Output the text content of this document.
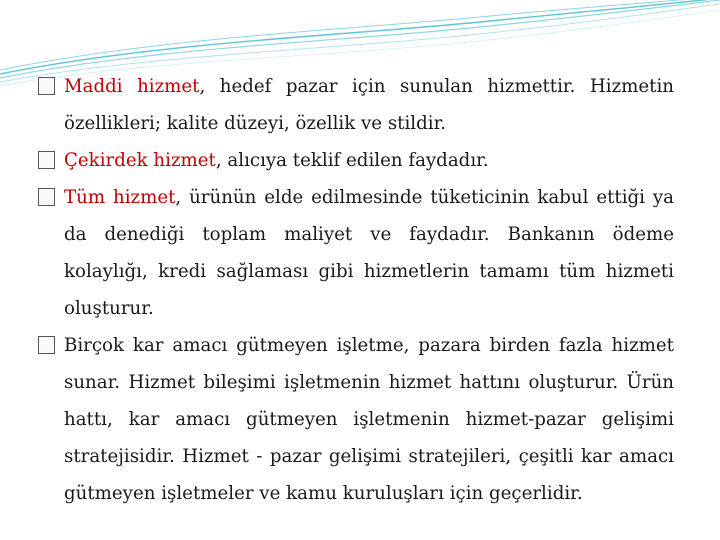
Maddi hizmet, hedef pazar için sunulan hizmettir. Hizmetin özellikleri; kalite düzeyi, özellik ve stildir.

Çekirdek hizmet, alıcıya teklif edilen faydadır.

Tüm hizmet, ürünün elde edilmesinde tüketicinin kabul ettiği ya da denediği toplam maliyet ve faydadır. Bankanın ödeme kolaylığı, kredi sağlaması gibi hizmetlerin tamamı tüm hizmeti oluşturur.

Birçok kar amacı gütmeyen işletme, pazara birden fazla hizmet sunar. Hizmet bileşimi işletmenin hizmet hattını oluşturur. Ürün hattı, kar amacı gütmeyen işletmenin hizmet-pazar gelişimi stratejisidir. Hizmet - pazar gelişimi stratejileri, çeşitli kar amacı gütmeyen işletmeler ve kamu kuruluşları için geçerlidir.
